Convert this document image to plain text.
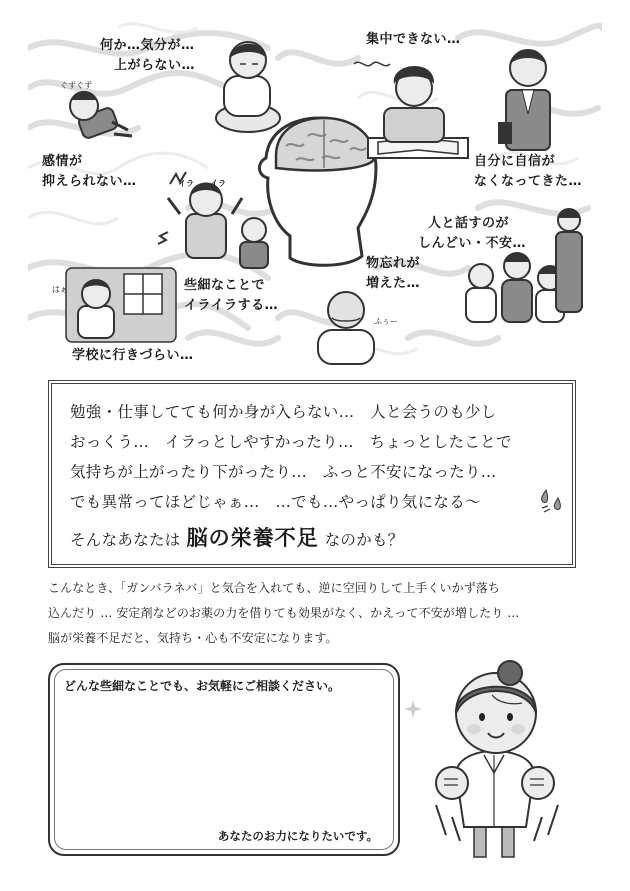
何か…気分が…
上がらない…
集中できない…
感情が
抑えられない…
自分に自信が
なくなってきた…
人と話すのが
しんどい・不安…
些細なことで
イライラする…
物忘れが
増えた…
学校に行きづらい…
ぐずぐず
イラ イラ
はぁ
ふぅー
勉強・仕事してても何か身が入らない…　人と会うのも少し
おっくう…　イラっとしやすかったり…　ちょっとしたことで
気持ちが上がったり下がったり…　ふっと不安になったり…
でも異常ってほどじゃぁ…　…でも…やっぱり気になる～
そんなあなたは 脳の栄養不足 なのかも？
こんなとき、「ガンバラネバ」と気合を入れても、逆に空回りして上手くいかず落ち
込んだり … 安定剤などのお薬の力を借りても効果がなく、かえって不安が増したり …
脳が栄養不足だと、気持ち・心も不安定になります。
どんな些細なことでも、お気軽にご相談ください。
あなたのお力になりたいです。
